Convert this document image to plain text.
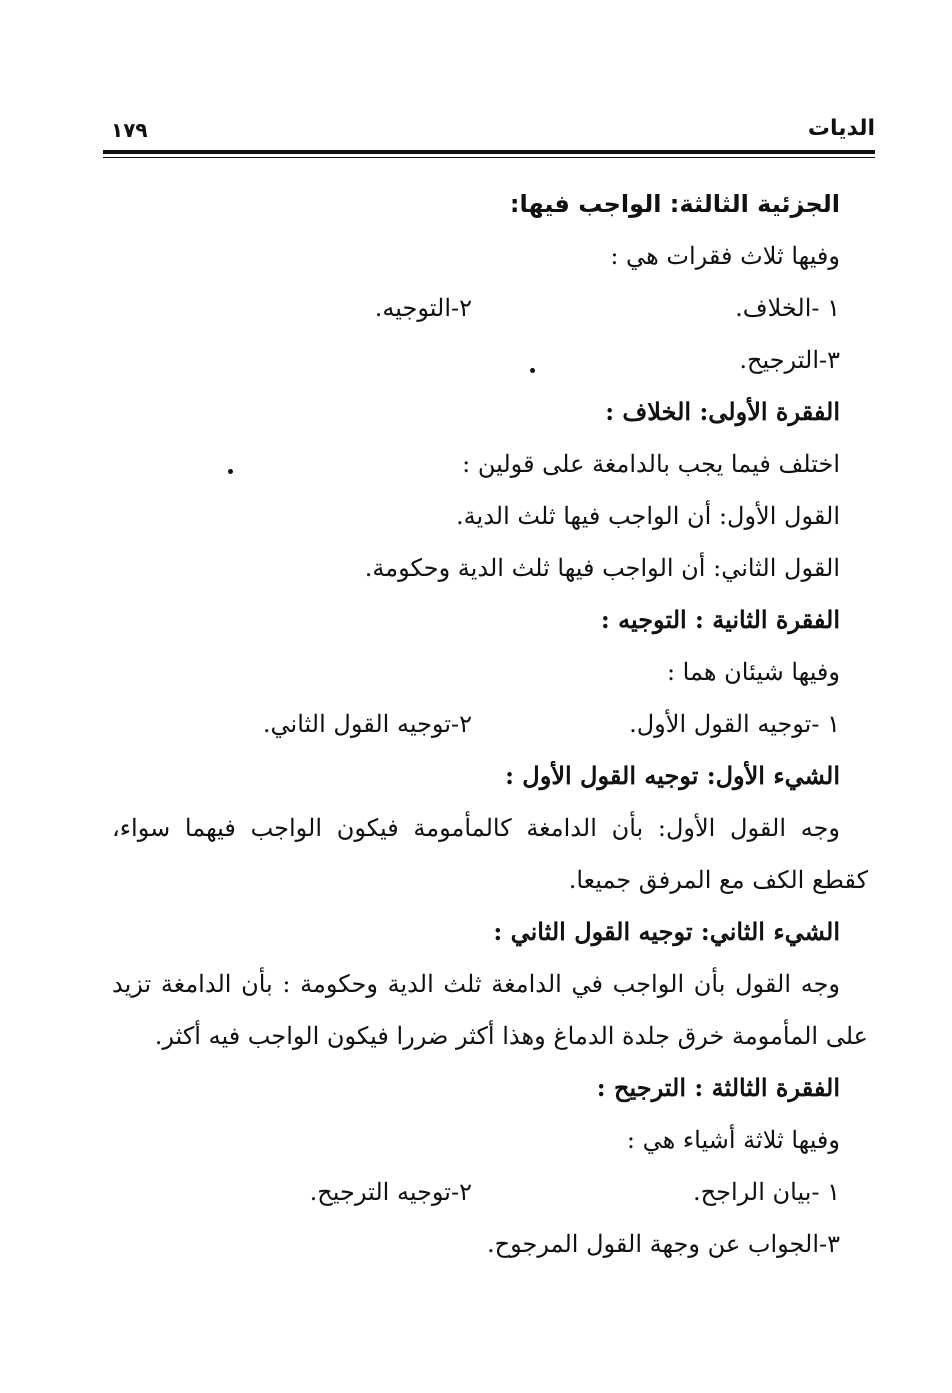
الديات
١٧٩
الجزئية الثالثة: الواجب فيها:
وفيها ثلاث فقرات هي :
١ -الخلاف.
٢-التوجيه.
٣-الترجيح.
الفقرة الأولى: الخلاف :
اختلف فيما يجب بالدامغة على قولين :
القول الأول: أن الواجب فيها ثلث الدية.
القول الثاني: أن الواجب فيها ثلث الدية وحكومة.
الفقرة الثانية : التوجيه :
وفيها شيئان هما :
١ -توجيه القول الأول.
٢-توجيه القول الثاني.
الشيء الأول: توجيه القول الأول :
وجه القول الأول: بأن الدامغة كالمأمومة فيكون الواجب فيهما سواء،
كقطع الكف مع المرفق جميعا.
الشيء الثاني: توجيه القول الثاني :
وجه القول بأن الواجب في الدامغة ثلث الدية وحكومة : بأن الدامغة تزيد
على المأمومة خرق جلدة الدماغ وهذا أكثر ضررا فيكون الواجب فيه أكثر.
الفقرة الثالثة : الترجيح :
وفيها ثلاثة أشياء هي :
١ -بيان الراجح.
٢-توجيه الترجيح.
٣-الجواب عن وجهة القول المرجوح.
